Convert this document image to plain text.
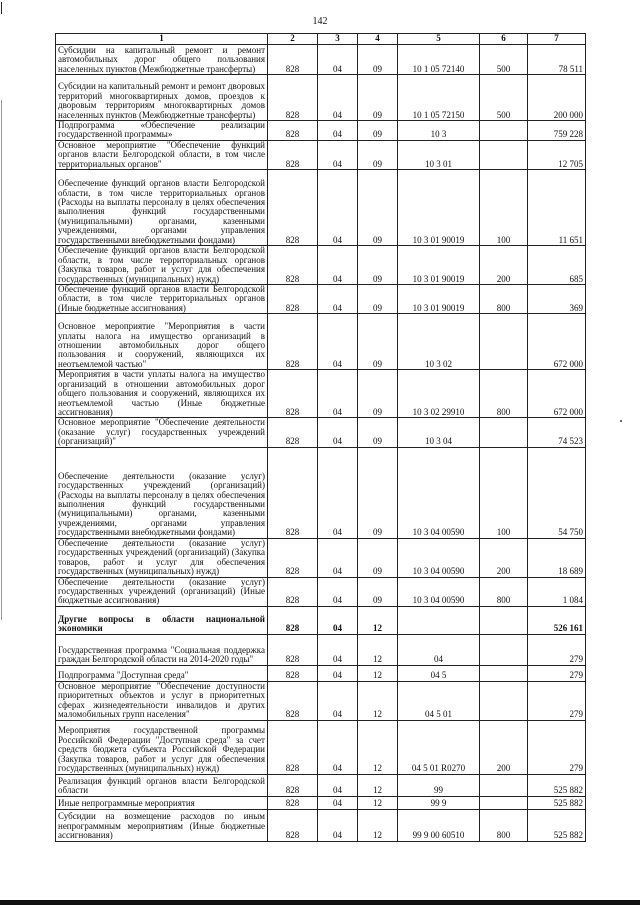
142
1	2	3	4	5	6	7
Субсидии на капитальный ремонт и ремонт автомобильных дорог общего пользования населенных пунктов (Межбюджетные трансферты)	828	04	09	10 1 05 72140	500	78 511
Субсидии на капитальный ремонт и ремонт дворовых территорий многоквартирных домов, проездов к дворовым территориям многоквартирных домов населенных пунктов (Межбюджетные трансферты)	828	04	09	10 1 05 72150	500	200 000
Подпрограмма «Обеспечение реализации государственной программы»	828	04	09	10 3		759 228
Основное мероприятие "Обеспечение функций органов власти Белгородской области, в том числе территориальных органов"	828	04	09	10 3 01		12 705
Обеспечение функций органов власти Белгородской области, в том числе территориальных органов (Расходы на выплаты персоналу в целях обеспечения выполнения функций государственными (муниципальными) органами, казенными учреждениями, органами управления государственными внебюджетными фондами)	828	04	09	10 3 01 90019	100	11 651
Обеспечение функций органов власти Белгородской области, в том числе территориальных органов (Закупка товаров, работ и услуг для обеспечения государственных (муниципальных) нужд)	828	04	09	10 3 01 90019	200	685
Обеспечение функций органов власти Белгородской области, в том числе территориальных органов (Иные бюджетные ассигнования)	828	04	09	10 3 01 90019	800	369
Основное мероприятие "Мероприятия в части уплаты налога на имущество организаций в отношении автомобильных дорог общего пользования и сооружений, являющихся их неотъемлемой частью"	828	04	09	10 3 02		672 000
Мероприятия в части уплаты налога на имущество организаций в отношении автомобильных дорог общего пользования и сооружений, являющихся их неотъемлемой частью (Иные бюджетные ассигнования)	828	04	09	10 3 02 29910	800	672 000
Основное мероприятие "Обеспечение деятельности (оказание услуг) государственных учреждений (организаций)"	828	04	09	10 3 04		74 523
Обеспечение деятельности (оказание услуг) государственных учреждений (организаций) (Расходы на выплаты персоналу в целях обеспечения выполнения функций государственными (муниципальными) органами, казенными учреждениями, органами управления государственными внебюджетными фондами)	828	04	09	10 3 04 00590	100	54 750
Обеспечение деятельности (оказание услуг) государственных учреждений (организаций) (Закупка товаров, работ и услуг для обеспечения государственных (муниципальных) нужд)	828	04	09	10 3 04 00590	200	18 689
Обеспечение деятельности (оказание услуг) государственных учреждений (организаций) (Иные бюджетные ассигнования)	828	04	09	10 3 04 00590	800	1 084
Другие вопросы в области национальной экономики	828	04	12			526 161
Государственная программа "Социальная поддержка граждан Белгородской области на 2014-2020 годы"	828	04	12	04		279
Подпрограмма "Доступная среда"	828	04	12	04 5		279
Основное мероприятие "Обеспечение доступности приоритетных объектов и услуг в приоритетных сферах жизнедеятельности инвалидов и других маломобильных групп населения"	828	04	12	04 5 01		279
Мероприятия государственной программы Российской Федерации "Доступная среда" за счет средств бюджета субъекта Российской Федерации (Закупка товаров, работ и услуг для обеспечения государственных (муниципальных) нужд)	828	04	12	04 5 01 R0270	200	279
Реализация функций органов власти Белгородской области	828	04	12	99		525 882
Иные непрограммные мероприятия	828	04	12	99 9		525 882
Субсидии на возмещение расходов по иным непрограммным мероприятиям (Иные бюджетные ассигнования)	828	04	12	99 9 00 60510	800	525 882
